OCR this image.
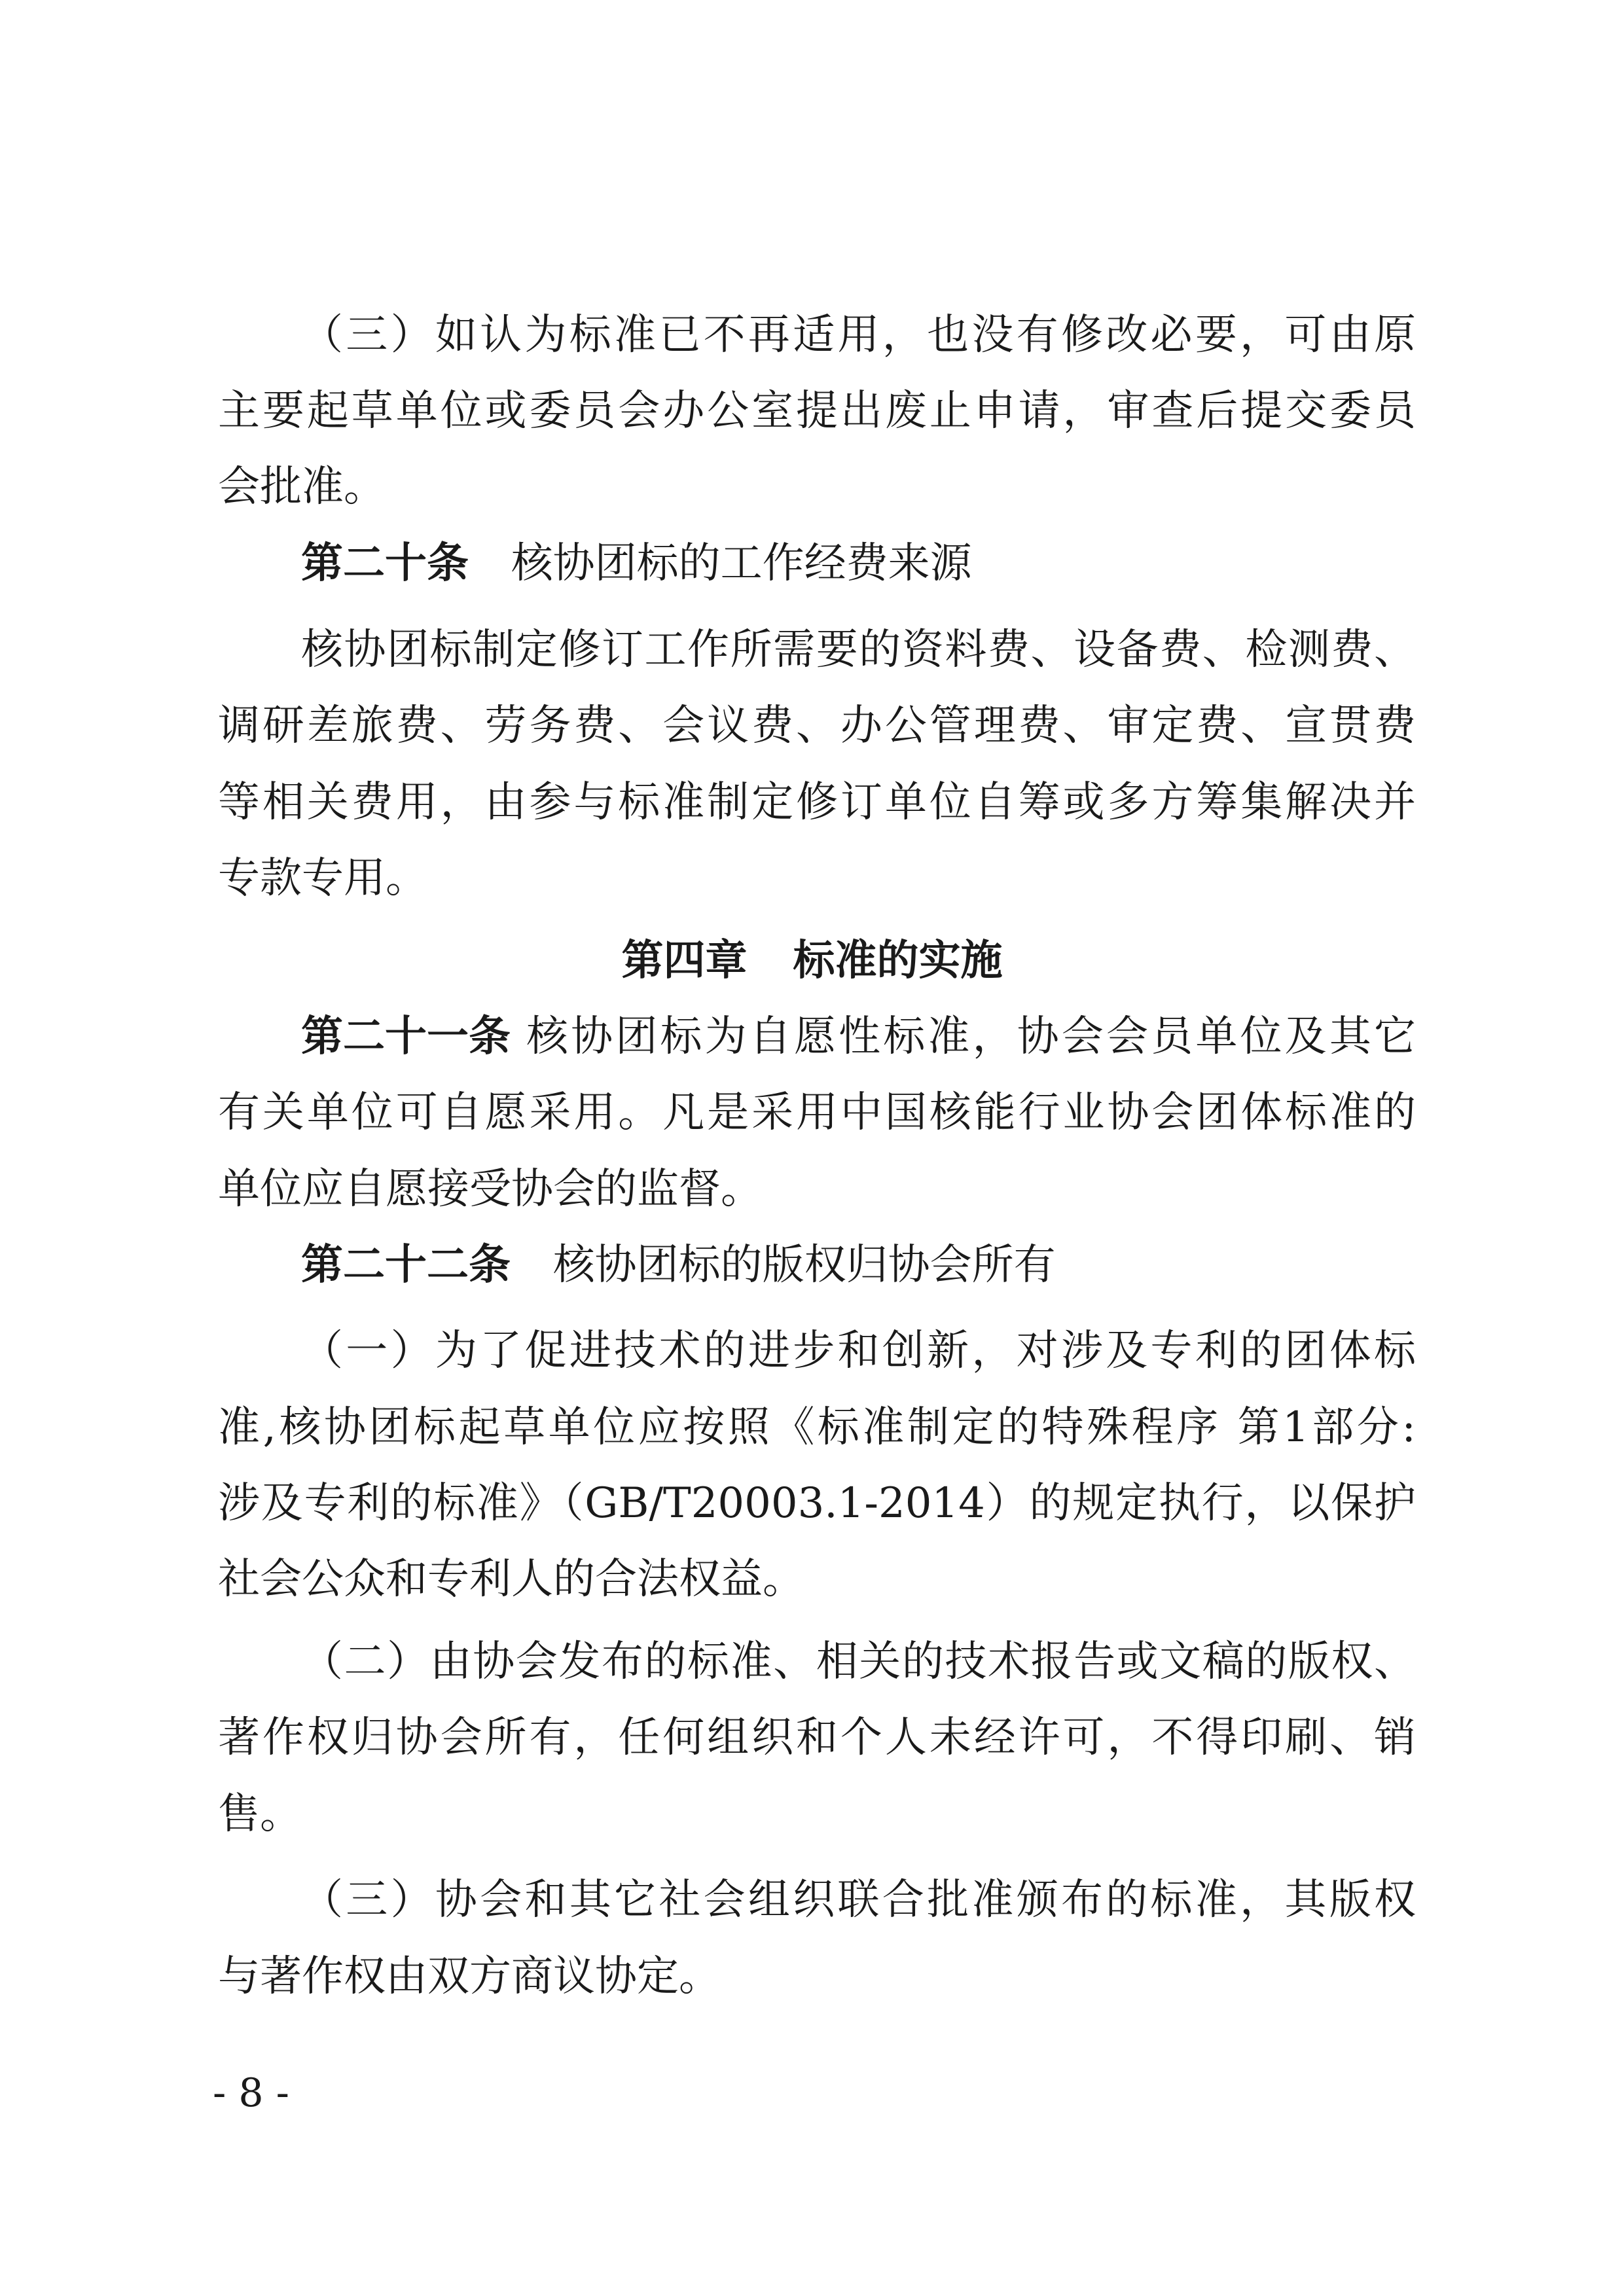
（三）如认为标准已不再适用，也没有修改必要，可由原
主要起草单位或委员会办公室提出废止申请，审查后提交委员
会批准。
第二十条 核协团标的工作经费来源
核协团标制定修订工作所需要的资料费、设备费、检测费、
调研差旅费、劳务费、会议费、办公管理费、审定费、宣贯费
等相关费用，由参与标准制定修订单位自筹或多方筹集解决并
专款专用。
第四章 标准的实施
第二十一条 核协团标为自愿性标准，协会会员单位及其它
有关单位可自愿采用。凡是采用中国核能行业协会团体标准的
单位应自愿接受协会的监督。
第二十二条 核协团标的版权归协会所有
（一）为了促进技术的进步和创新，对涉及专利的团体标
准,核协团标起草单位应按照《标准制定的特殊程序 第1部分:
涉及专利的标准》（GB/T20003.1-2014）的规定执行，以保护
社会公众和专利人的合法权益。
（二）由协会发布的标准、相关的技术报告或文稿的版权、
著作权归协会所有，任何组织和个人未经许可，不得印刷、销
售。
（三）协会和其它社会组织联合批准颁布的标准，其版权
与著作权由双方商议协定。
- 8 -
